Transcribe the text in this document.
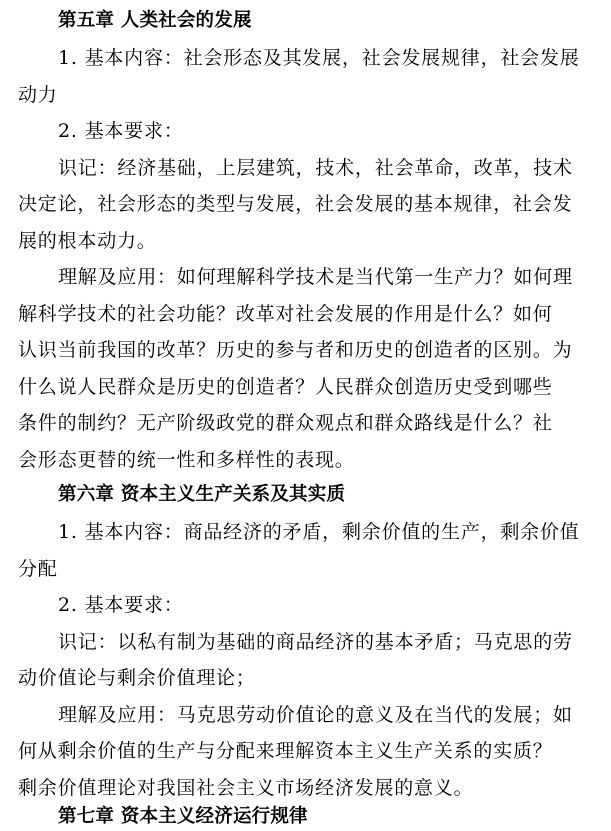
第五章 人类社会的发展
1. 基本内容：社会形态及其发展，社会发展规律，社会发展
动力
2. 基本要求：
识记：经济基础，上层建筑，技术，社会革命，改革，技术
决定论，社会形态的类型与发展，社会发展的基本规律，社会发
展的根本动力。
理解及应用：如何理解科学技术是当代第一生产力？如何理
解科学技术的社会功能？改革对社会发展的作用是什么？如何
认识当前我国的改革？历史的参与者和历史的创造者的区别。为
什么说人民群众是历史的创造者？人民群众创造历史受到哪些
条件的制约？无产阶级政党的群众观点和群众路线是什么？社
会形态更替的统一性和多样性的表现。
第六章 资本主义生产关系及其实质
1. 基本内容：商品经济的矛盾，剩余价值的生产，剩余价值
分配
2. 基本要求：
识记：以私有制为基础的商品经济的基本矛盾；马克思的劳
动价值论与剩余价值理论；
理解及应用：马克思劳动价值论的意义及在当代的发展；如
何从剩余价值的生产与分配来理解资本主义生产关系的实质？
剩余价值理论对我国社会主义市场经济发展的意义。
第七章 资本主义经济运行规律
